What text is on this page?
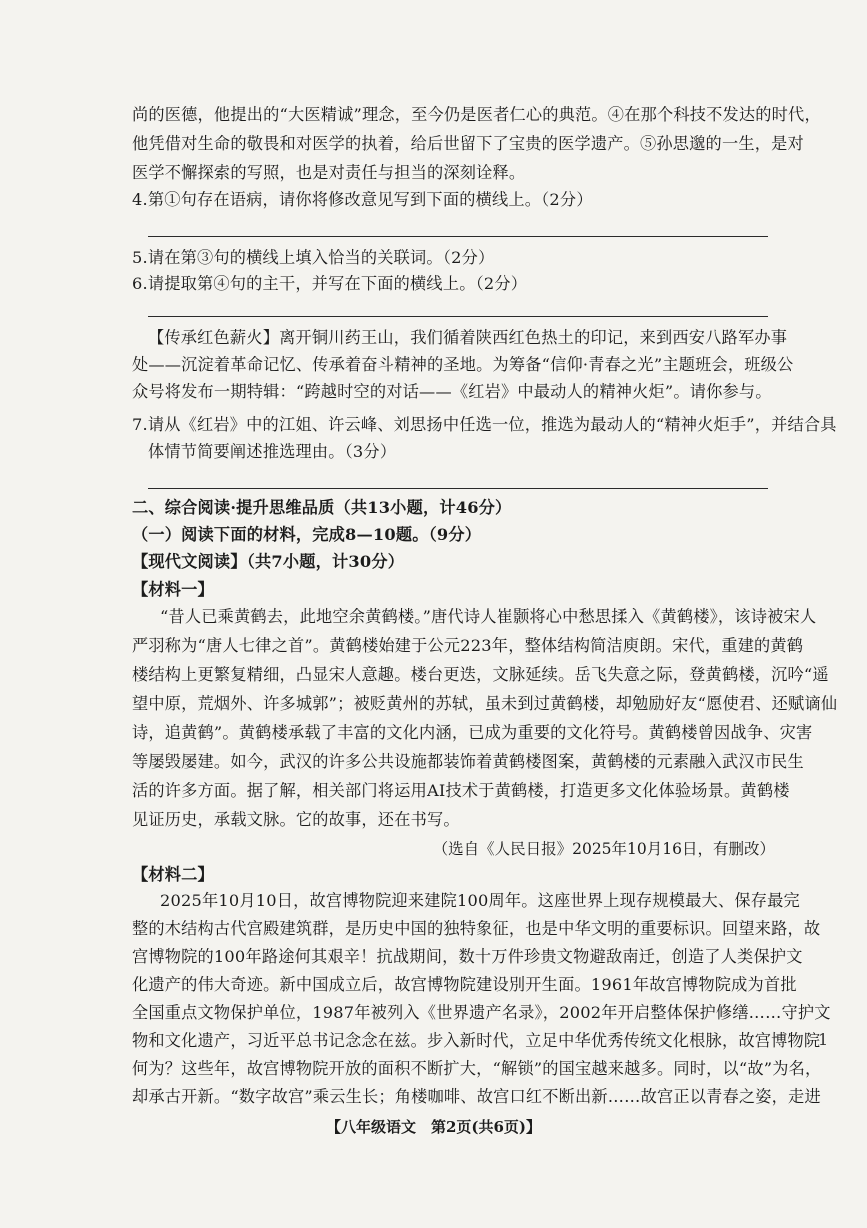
尚的医德，他提出的“大医精诚”理念，至今仍是医者仁心的典范。④在那个科技不发达的时代，
他凭借对生命的敬畏和对医学的执着，给后世留下了宝贵的医学遗产。⑤孙思邈的一生，是对
医学不懈探索的写照，也是对责任与担当的深刻诠释。
4.第①句存在语病，请你将修改意见写到下面的横线上。（2分）
5.请在第③句的横线上填入恰当的关联词。（2分）
6.请提取第④句的主干，并写在下面的横线上。（2分）
【传承红色薪火】离开铜川药王山，我们循着陕西红色热土的印记，来到西安八路军办事
处——沉淀着革命记忆、传承着奋斗精神的圣地。为筹备“信仰·青春之光”主题班会，班级公
众号将发布一期特辑：“跨越时空的对话——《红岩》中最动人的精神火炬”。请你参与。
7.请从《红岩》中的江姐、许云峰、刘思扬中任选一位，推选为最动人的“精神火炬手”，并结合具
体情节简要阐述推选理由。（3分）
二、综合阅读·提升思维品质（共13小题，计46分）
（一）阅读下面的材料，完成8—10题。（9分）
【现代文阅读】（共7小题，计30分）
【材料一】
“昔人已乘黄鹤去，此地空余黄鹤楼。”唐代诗人崔颢将心中愁思揉入《黄鹤楼》，该诗被宋人
严羽称为“唐人七律之首”。黄鹤楼始建于公元223年，整体结构简洁庾朗。宋代，重建的黄鹤
楼结构上更繁复精细，凸显宋人意趣。楼台更迭，文脉延续。岳飞失意之际，登黄鹤楼，沉吟“遥
望中原，荒烟外、许多城郭”；被贬黄州的苏轼，虽未到过黄鹤楼，却勉励好友“愿使君、还赋谪仙
诗，追黄鹤”。黄鹤楼承载了丰富的文化内涵，已成为重要的文化符号。黄鹤楼曾因战争、灾害
等屡毁屡建。如今，武汉的许多公共设施都装饰着黄鹤楼图案，黄鹤楼的元素融入武汉市民生
活的许多方面。据了解，相关部门将运用AI技术于黄鹤楼，打造更多文化体验场景。黄鹤楼
见证历史，承载文脉。它的故事，还在书写。
（选自《人民日报》2025年10月16日，有删改）
【材料二】
2025年10月10日，故宫博物院迎来建院100周年。这座世界上现存规模最大、保存最完
整的木结构古代宫殿建筑群，是历史中国的独特象征，也是中华文明的重要标识。回望来路，故
宫博物院的100年路途何其艰辛！抗战期间，数十万件珍贵文物避敌南迁，创造了人类保护文
化遗产的伟大奇迹。新中国成立后，故宫博物院建设別开生面。1961年故宫博物院成为首批
全国重点文物保护单位，1987年被列入《世界遗产名录》，2002年开启整体保护修缮……守护文
物和文化遗产，习近平总书记念念在兹。步入新时代，立足中华优秀传统文化根脉，故宫博物院
何为？这些年，故宫博物院开放的面积不断扩大，“解锁”的国宝越来越多。同时，以“故”为名，
却承古开新。“数字故宫”乘云生长；角楼咖啡、故宫口红不断出新……故宫正以青春之姿，走进
1
【八年级语文　第2页(共6页)】
